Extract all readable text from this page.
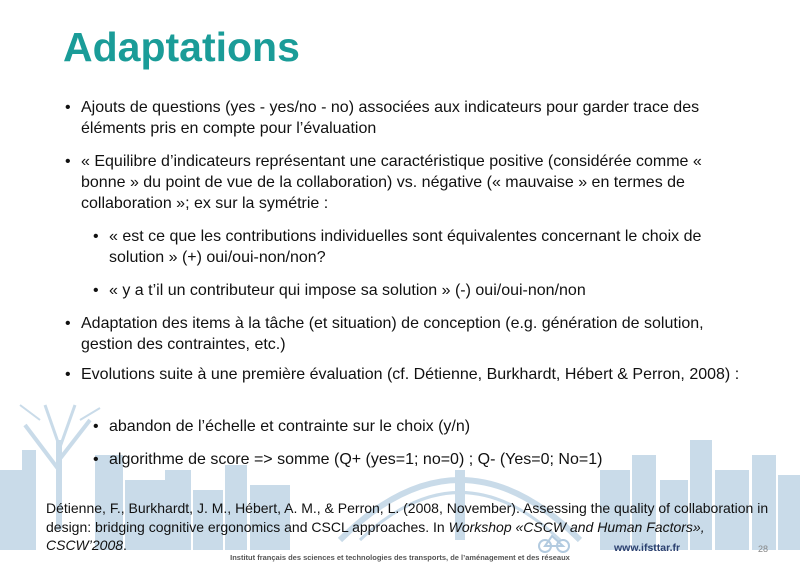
Adaptations
• Ajouts de questions (yes - yes/no - no) associées aux indicateurs pour garder trace des éléments pris en compte pour l’évaluation
• « Equilibre d’indicateurs représentant une caractéristique positive (considérée comme « bonne » du point de vue de la collaboration) vs. négative (« mauvaise » en termes de collaboration »; ex sur la symétrie :
• « est ce que les contributions individuelles sont équivalentes concernant le choix de solution » (+) oui/oui-non/non?
• « y a t’il un contributeur qui impose sa solution » (-) oui/oui-non/non
• Adaptation des items à la tâche (et situation) de conception (e.g. génération de solution, gestion des contraintes, etc.)
• Evolutions suite à une première évaluation (cf. Détienne, Burkhardt, Hébert & Perron, 2008) :
• abandon de l’échelle et contrainte sur le choix (y/n)
• algorithme de score => somme (Q+ (yes=1; no=0) ; Q- (Yes=0; No=1)
Détienne, F., Burkhardt, J. M., Hébert, A. M., & Perron, L. (2008, November). Assessing the quality of collaboration in design: bridging cognitive ergonomics and CSCL approaches. In Workshop «CSCW and Human Factors», CSCW’2008.	www.ifsttar.fr	28
Institut français des sciences et technologies des transports, de l’aménagement et des réseaux
